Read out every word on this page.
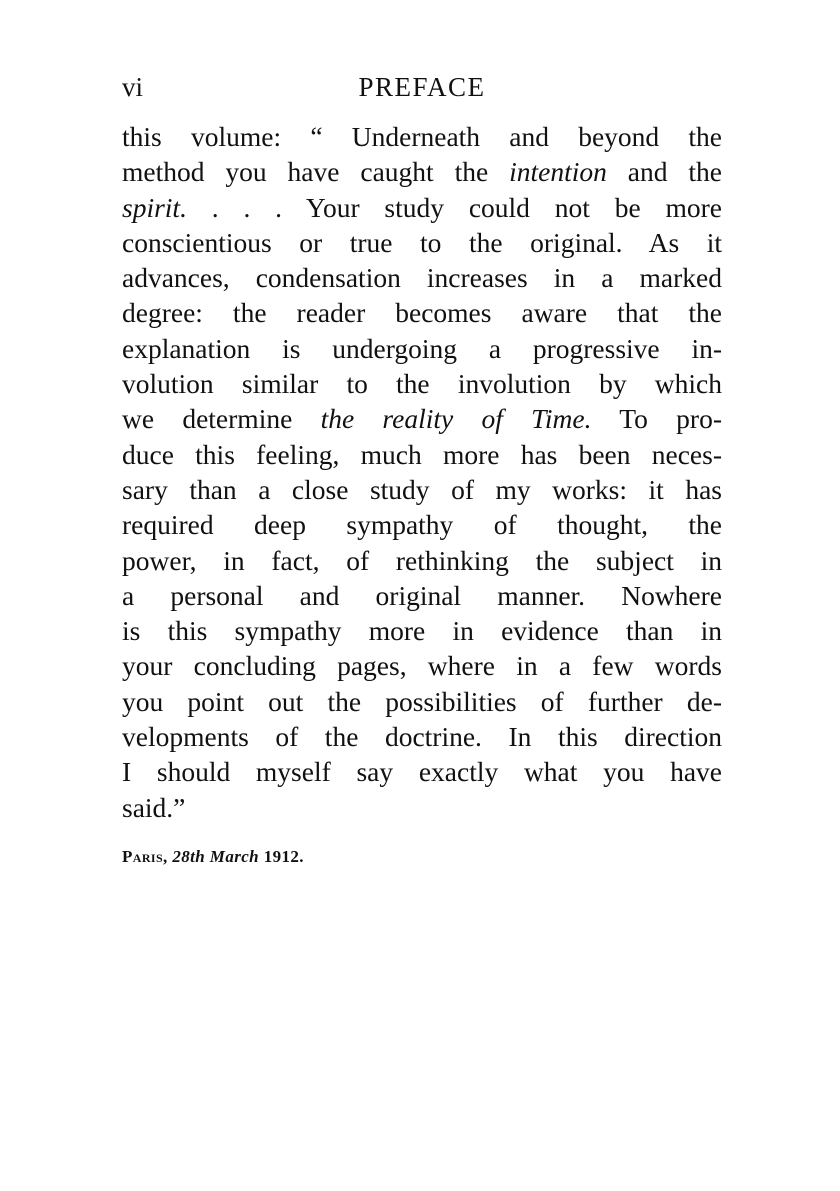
vi	PREFACE
this volume: “ Underneath and beyond the
method you have caught the intention and the
spirit. . . . Your study could not be more
conscientious or true to the original. As it
advances, condensation increases in a marked
degree: the reader becomes aware that the
explanation is undergoing a progressive in-
volution similar to the involution by which
we determine the reality of Time. To pro-
duce this feeling, much more has been neces-
sary than a close study of my works: it has
required deep sympathy of thought, the
power, in fact, of rethinking the subject in
a personal and original manner. Nowhere
is this sympathy more in evidence than in
your concluding pages, where in a few words
you point out the possibilities of further de-
velopments of the doctrine. In this direction
I should myself say exactly what you have
said.”
Paris, 28th March 1912.
